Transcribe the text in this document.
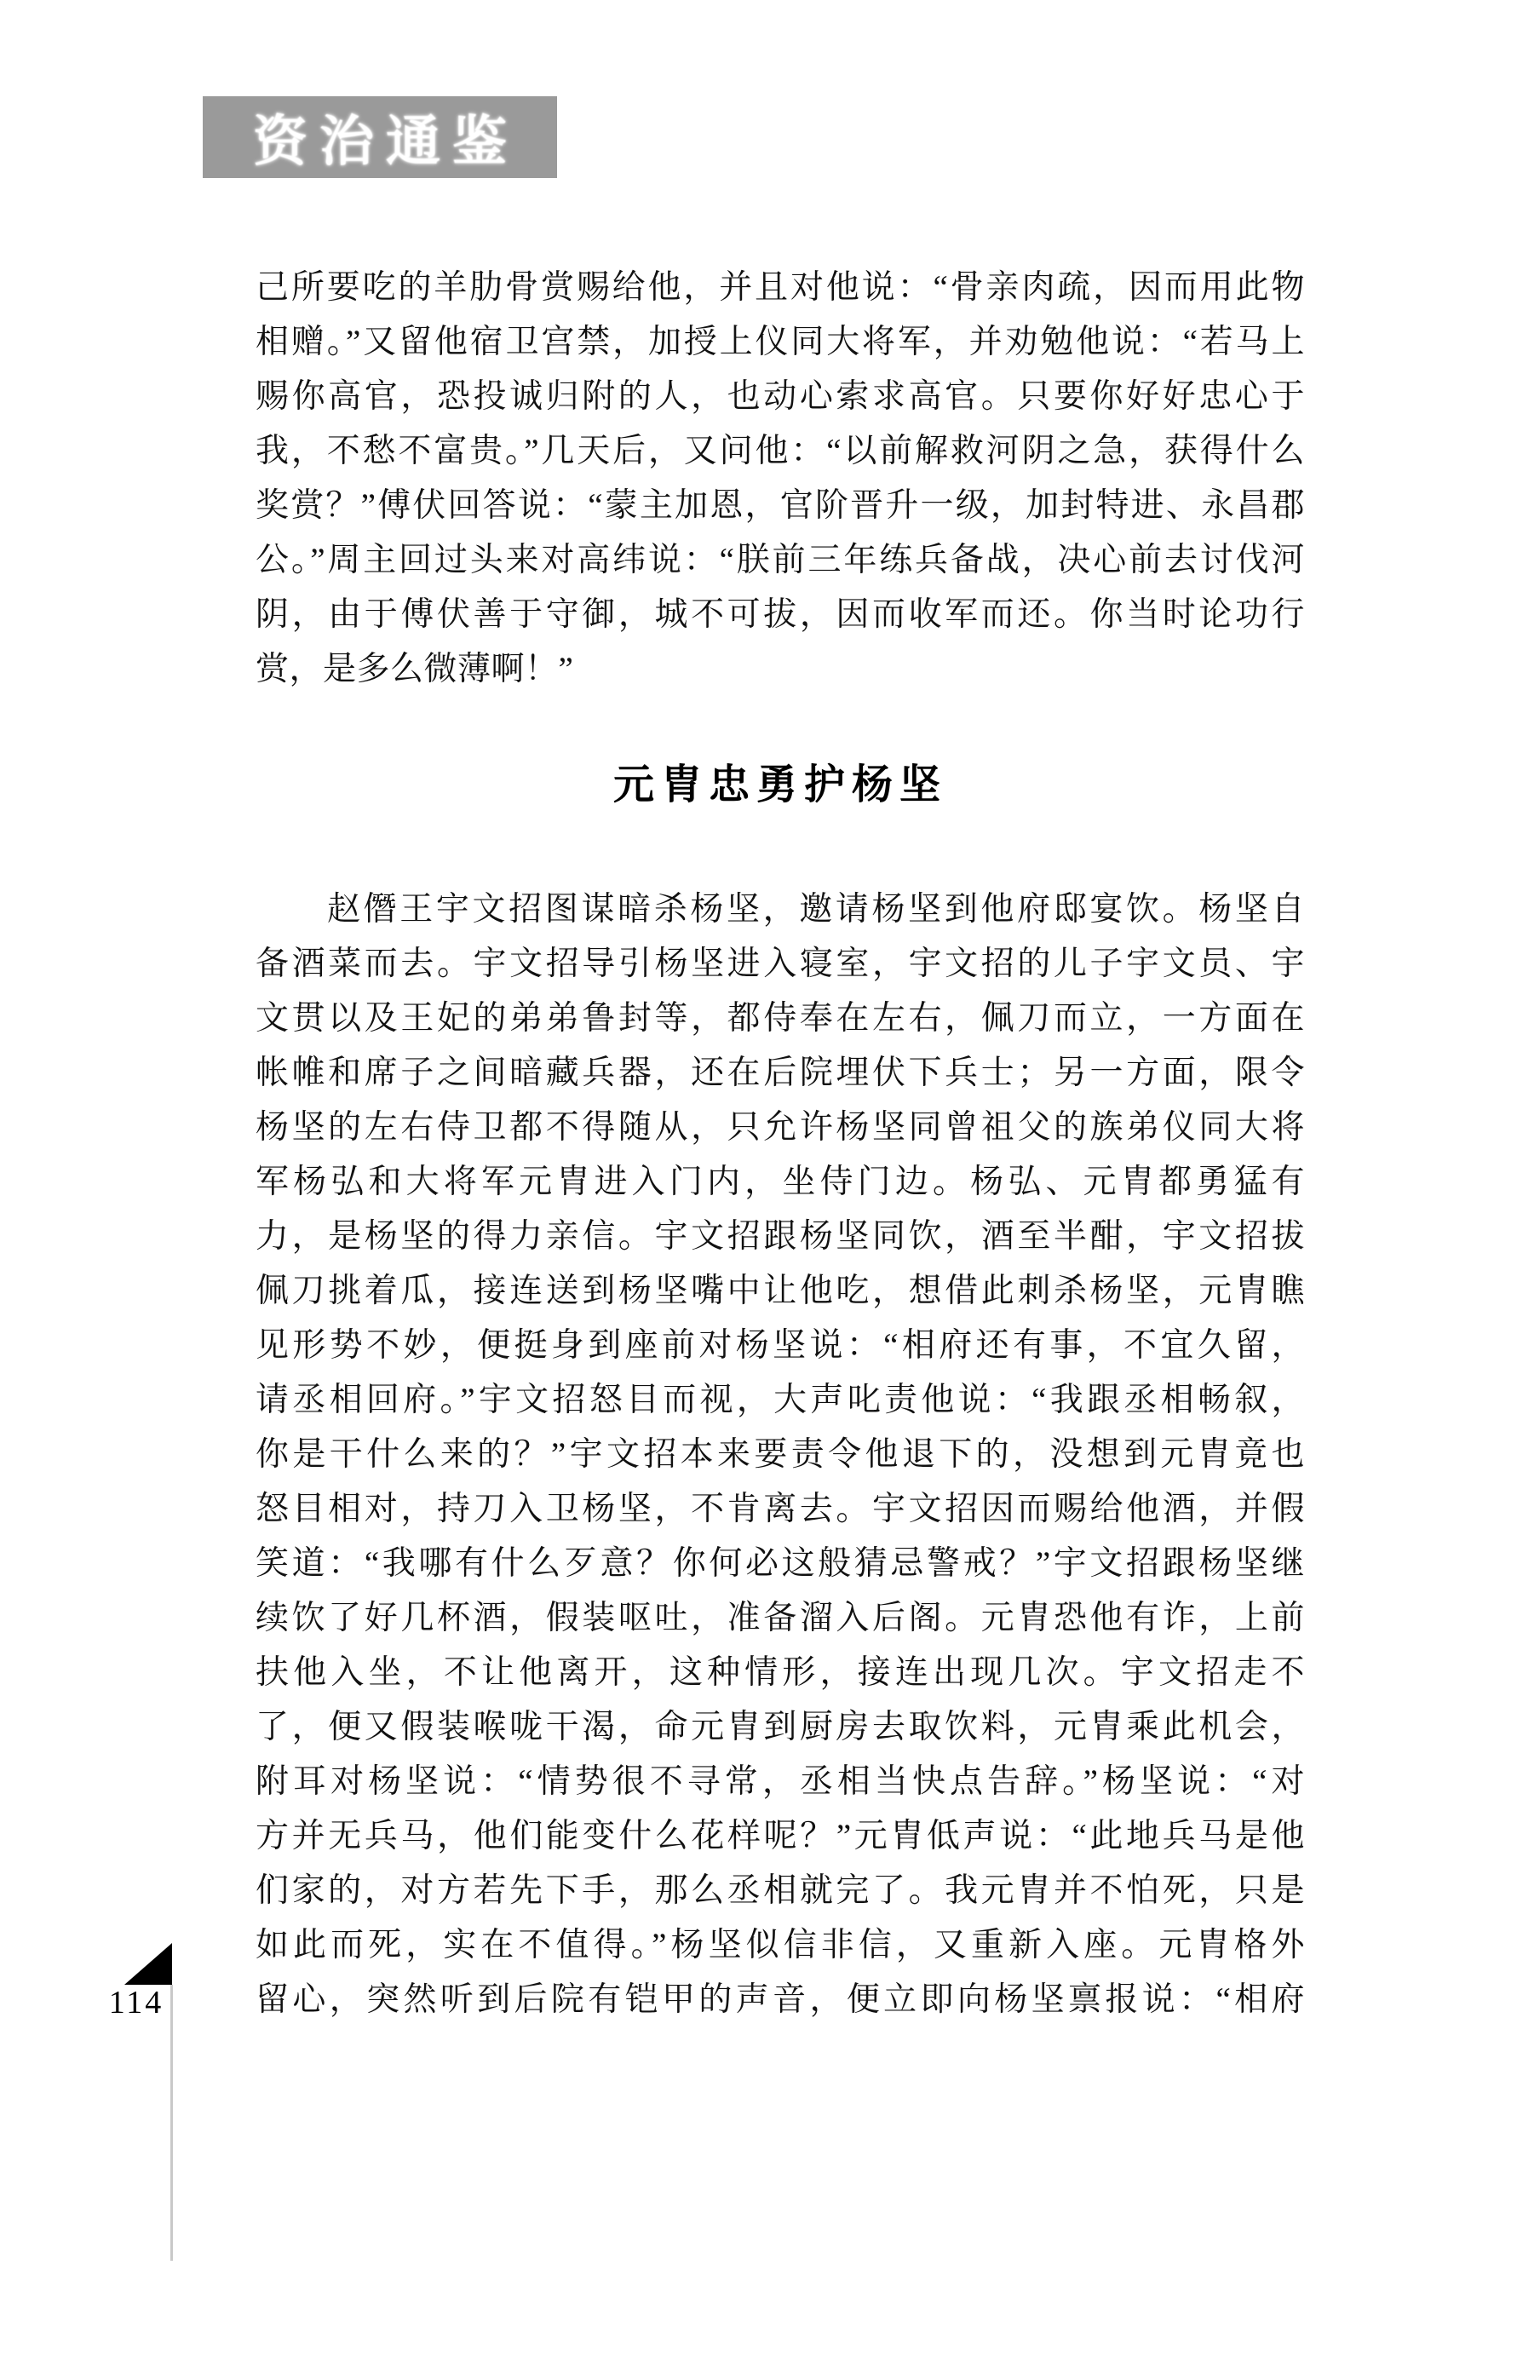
资治通鉴
己所要吃的羊肋骨赏赐给他，并且对他说：“骨亲肉疏，因而用此物
相赠。”又留他宿卫宫禁，加授上仪同大将军，并劝勉他说：“若马上
赐你高官，恐投诚归附的人，也动心索求高官。只要你好好忠心于
我，不愁不富贵。”几天后，又问他：“以前解救河阴之急，获得什么
奖赏？”傅伏回答说：“蒙主加恩，官阶晋升一级，加封特进、永昌郡
公。”周主回过头来对高纬说：“朕前三年练兵备战，决心前去讨伐河
阴，由于傅伏善于守御，城不可拔，因而收军而还。你当时论功行
赏，是多么微薄啊！”
元胄忠勇护杨坚
赵僭王宇文招图谋暗杀杨坚，邀请杨坚到他府邸宴饮。杨坚自
备酒菜而去。宇文招导引杨坚进入寝室，宇文招的儿子宇文员、宇
文贯以及王妃的弟弟鲁封等，都侍奉在左右，佩刀而立，一方面在
帐帷和席子之间暗藏兵器，还在后院埋伏下兵士；另一方面，限令
杨坚的左右侍卫都不得随从，只允许杨坚同曾祖父的族弟仪同大将
军杨弘和大将军元胄进入门内，坐侍门边。杨弘、元胄都勇猛有
力，是杨坚的得力亲信。宇文招跟杨坚同饮，酒至半酣，宇文招拔
佩刀挑着瓜，接连送到杨坚嘴中让他吃，想借此刺杀杨坚，元胄瞧
见形势不妙，便挺身到座前对杨坚说：“相府还有事，不宜久留，
请丞相回府。”宇文招怒目而视，大声叱责他说：“我跟丞相畅叙，
你是干什么来的？”宇文招本来要责令他退下的，没想到元胄竟也
怒目相对，持刀入卫杨坚，不肯离去。宇文招因而赐给他酒，并假
笑道：“我哪有什么歹意？你何必这般猜忌警戒？”宇文招跟杨坚继
续饮了好几杯酒，假装呕吐，准备溜入后阁。元胄恐他有诈，上前
扶他入坐，不让他离开，这种情形，接连出现几次。宇文招走不
了，便又假装喉咙干渴，命元胄到厨房去取饮料，元胄乘此机会，
附耳对杨坚说：“情势很不寻常，丞相当快点告辞。”杨坚说：“对
方并无兵马，他们能变什么花样呢？”元胄低声说：“此地兵马是他
们家的，对方若先下手，那么丞相就完了。我元胄并不怕死，只是
如此而死，实在不值得。”杨坚似信非信，又重新入座。元胄格外
留心，突然听到后院有铠甲的声音，便立即向杨坚禀报说：“相府
114
